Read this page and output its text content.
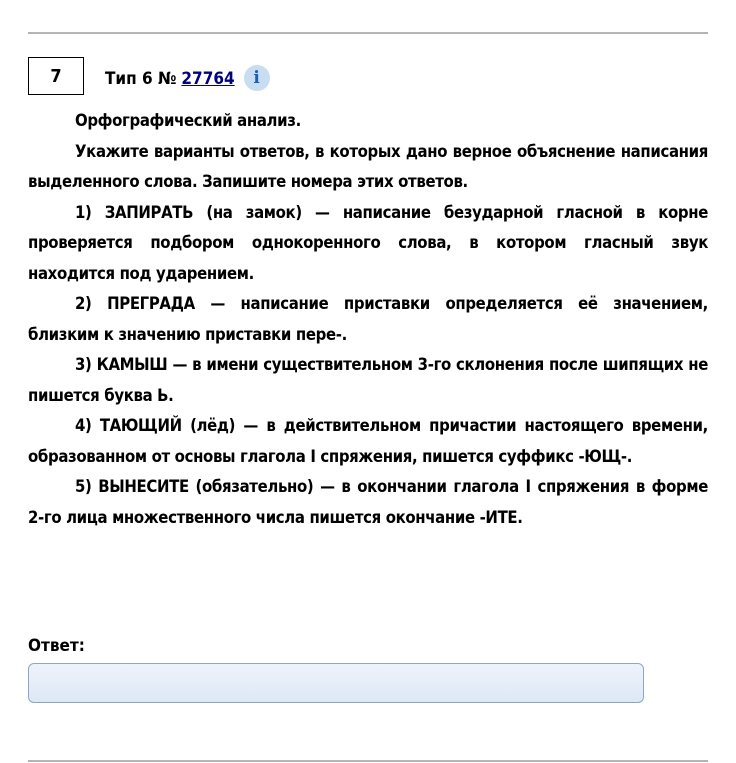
7	Тип 6 № 27764	i

Орфографический анализ.

Укажите варианты ответов, в которых дано верное объяснение написания выделенного слова. Запишите номера этих ответов.

1) ЗАПИРАТЬ (на замок) — написание безударной гласной в корне проверяется подбором однокоренного слова, в котором гласный звук находится под ударением.

2) ПРЕГРАДА — написание приставки определяется её значением, близким к значению приставки пере-.

3) КАМЫШ — в имени существительном 3-го склонения после шипящих не пишется буква Ь.

4) ТАЮЩИЙ (лёд) — в действительном причастии настоящего времени, образованном от основы глагола I спряжения, пишется суффикс -ЮЩ-.

5) ВЫНЕСИТЕ (обязательно) — в окончании глагола I спряжения в форме 2-го лица множественного числа пишется окончание -ИТЕ.

Ответ:
